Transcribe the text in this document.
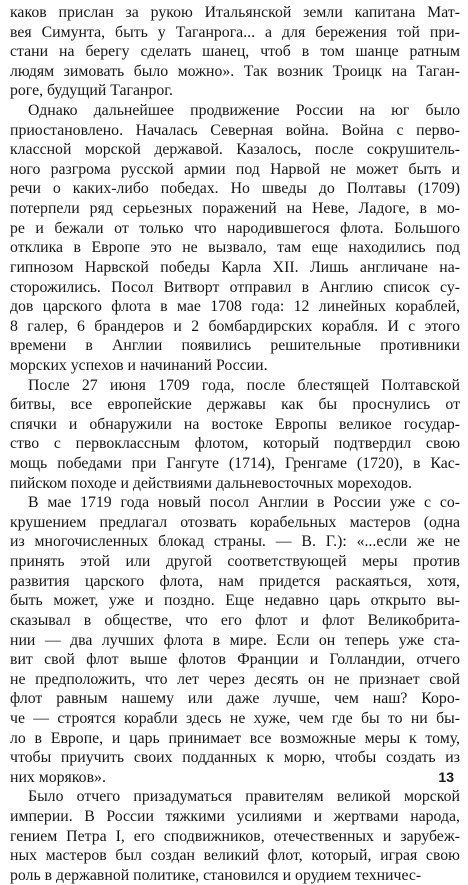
каков прислан за рукою Итальянской земли капитана Мат-
вея Симунта, быть у Таганрога... а для бережения той при-
стани на берегу сделать шанец, чтоб в том шанце ратным
людям зимовать было можно». Так возник Троицк на Таган-
роге, будущий Таганрог.
Однако дальнейшее продвижение России на юг было
приостановлено. Началась Северная война. Война с перво-
классной морской державой. Казалось, после сокрушитель-
ного разгрома русской армии под Нарвой не может быть и
речи о каких-либо победах. Но шведы до Полтавы (1709)
потерпели ряд серьезных поражений на Неве, Ладоге, в мо-
ре и бежали от только что народившегося флота. Большого
отклика в Европе это не вызвало, там еще находились под
гипнозом Нарвской победы Карла XII. Лишь англичане на-
сторожились. Посол Витворт отправил в Англию список су-
дов царского флота в мае 1708 года: 12 линейных кораблей,
8 галер, 6 брандеров и 2 бомбардирских корабля. И с этого
времени в Англии появились решительные противники
морских успехов и начинаний России.
После 27 июня 1709 года, после блестящей Полтавской
битвы, все европейские державы как бы проснулись от
спячки и обнаружили на востоке Европы великое государ-
ство с первоклассным флотом, который подтвердил свою
мощь победами при Гангуте (1714), Гренгаме (1720), в Кас-
пийском походе и действиями дальневосточных мореходов.
В мае 1719 года новый посол Англии в России уже с со-
крушением предлагал отозвать корабельных мастеров (одна
из многочисленных блокад страны. — В. Г.): «...если же не
принять этой или другой соответствующей меры против
развития царского флота, нам придется раскаяться, хотя,
быть может, уже и поздно. Еще недавно царь открыто вы-
сказывал в обществе, что его флот и флот Великобрита-
нии — два лучших флота в мире. Если он теперь уже ста-
вит свой флот выше флотов Франции и Голландии, отчего
не предположить, что лет через десять он не признает свой
флот равным нашему или даже лучше, чем наш? Коро-
че — строятся корабли здесь не хуже, чем где бы то ни бы-
ло в Европе, и царь принимает все возможные меры к тому,
чтобы приучить своих подданных к морю, чтобы создать из
них моряков».
Было отчего призадуматься правителям великой морской
империи. В России тяжкими усилиями и жертвами народа,
гением Петра I, его сподвижников, отечественных и зарубеж-
ных мастеров был создан великий флот, который, играя свою
роль в державной политике, становился и орудием техничес-
13
